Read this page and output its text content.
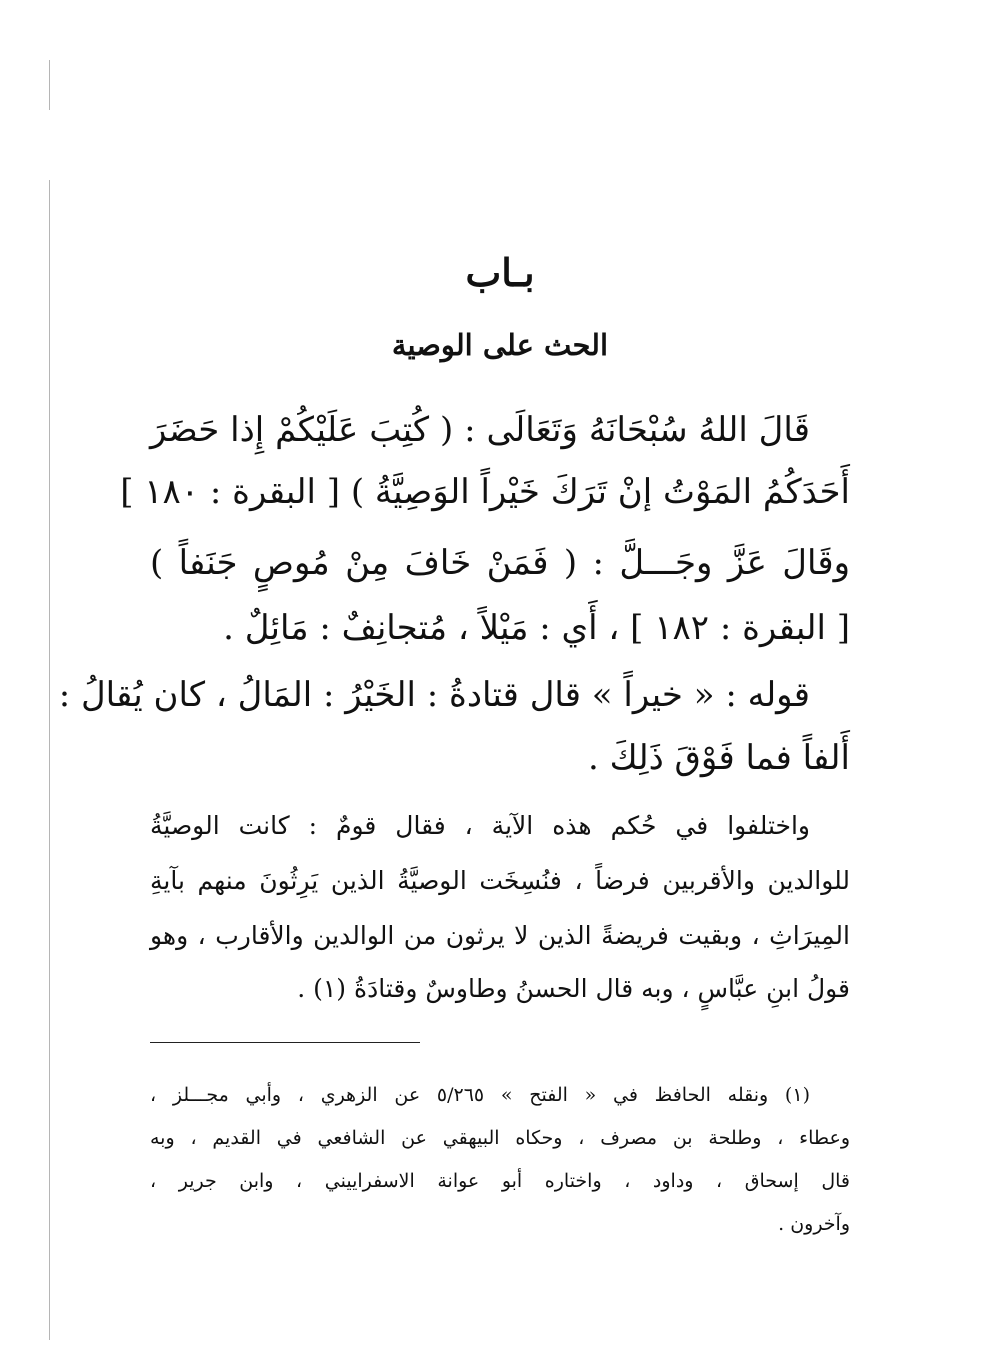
بـاب
الحث على الوصية
قَالَ اللهُ سُبْحَانَهُ وَتَعَالَى : ( كُتِبَ عَلَيْكُمْ إِذا حَضَرَ
أَحَدَكُمُ المَوْتُ إنْ تَرَكَ خَيْراً الوَصِيَّةُ ) [ البقرة : ١٨٠ ]
وقَالَ عَزَّ وجَـــلَّ : ( فَمَنْ خَافَ مِنْ مُوصٍ جَنَفاً )
[ البقرة : ١٨٢ ] ، أَي : مَيْلاً ، مُتجانِفٌ : مَائِلٌ .
قوله : « خيراً » قال قتادةُ : الخَيْرُ : المَالُ ، كان يُقالُ :
أَلفاً فما فَوْقَ ذَلِكَ .
واختلفوا في حُكم هذه الآية ، فقال قومٌ : كانت الوصيَّةُ
للوالدين والأقربين فرضاً ، فنُسِخَت الوصيَّةُ الذين يَرِثُونَ منهم بآيةِ
المِيرَاثِ ، وبقيت فريضةً الذين لا يرثون من الوالدين والأقارب ، وهو
قولُ ابنِ عبَّاسٍ ، وبه قال الحسنُ وطاوسٌ وقتادَةُ (١) .
(١) ونقله الحافظ في « الفتح » ٥/٢٦٥ عن الزهري ، وأبي مجـــلز ،
وعطاء ، وطلحة بن مصرف ، وحكاه البيهقي عن الشافعي في القديم ، وبه
قال إسحاق ، وداود ، واختاره أبو عوانة الاسفراييني ، وابن جرير ،
وآخرون .
